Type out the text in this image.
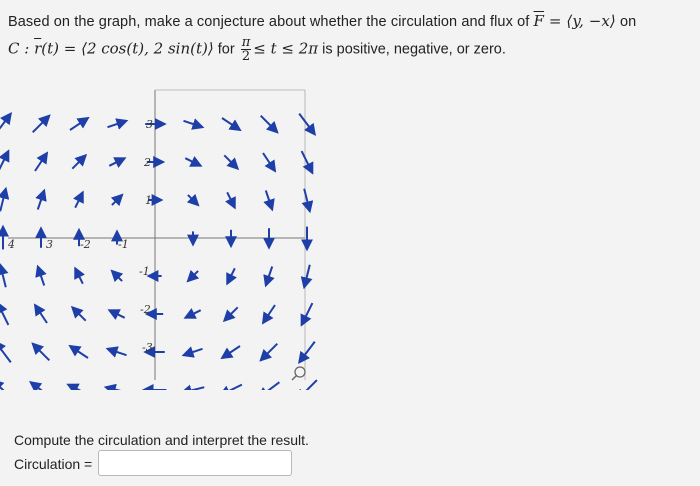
Based on the graph, make a conjecture about whether the circulation and flux of $\overline{F}$ = ⟨y, −x⟩ on
C : $\overline{r}(t)$ = ⟨2 cos(t), 2 sin(t)⟩ for $\frac{\pi}{2} \le t \le 2\pi$ is positive, negative, or zero.
4	3 -2 -1
3
2
1
-1
-2
-3
Compute the circulation and interpret the result.
Circulation =
